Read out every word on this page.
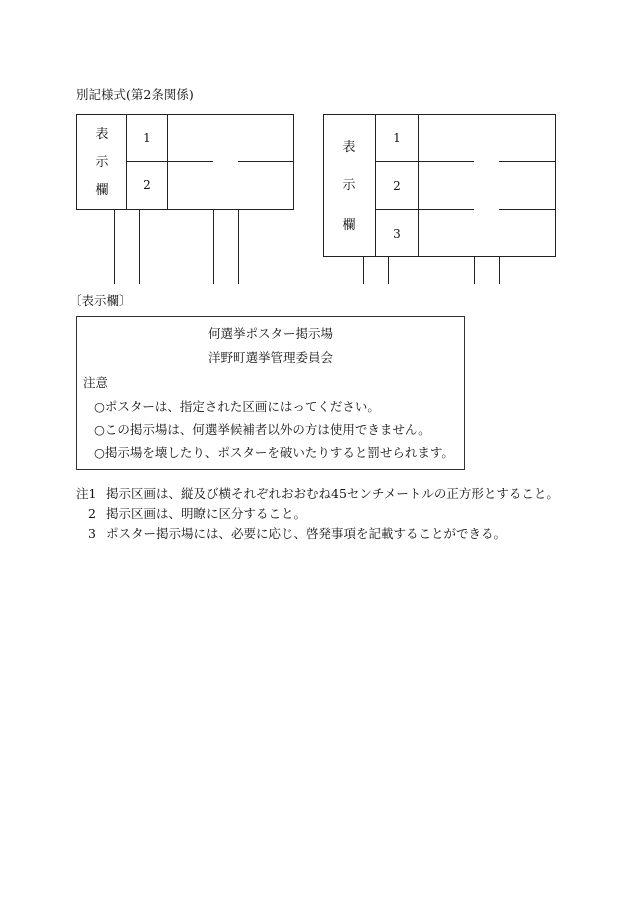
別記様式(第2条関係)
表
示
欄
1
2
表
示
欄
1
2
3
〔表示欄〕
何選挙ポスター掲示場
洋野町選挙管理委員会
注意
○ポスターは、指定された区画にはってください。
○この掲示場は、何選挙候補者以外の方は使用できません。
○掲示場を壊したり、ポスターを破いたりすると罰せられます。
注1 掲示区画は、縦及び横それぞれおおむね45センチメートルの正方形とすること。
2 掲示区画は、明瞭に区分すること。
3 ポスター掲示場には、必要に応じ、啓発事項を記載することができる。
